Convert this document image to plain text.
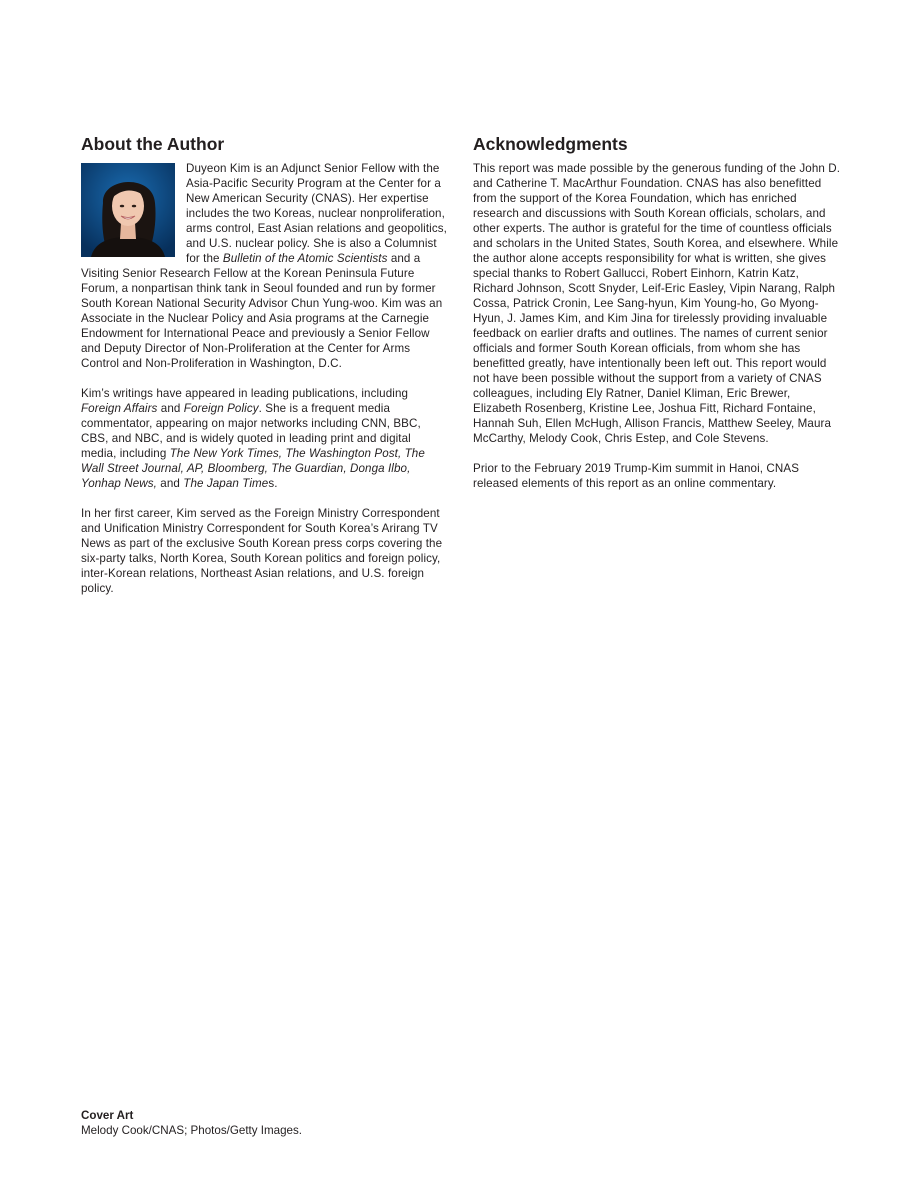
About the Author

Duyeon Kim is an Adjunct Senior Fellow with the Asia-Pacific Security Program at the Center for a New American Security (CNAS). Her expertise includes the two Koreas, nuclear nonproliferation, arms control, East Asian relations and geopolitics, and U.S. nuclear policy. She is also a Columnist for the Bulletin of the Atomic Scientists and a Visiting Senior Research Fellow at the Korean Peninsula Future Forum, a nonpartisan think tank in Seoul founded and run by former South Korean National Security Advisor Chun Yung-woo. Kim was an Associate in the Nuclear Policy and Asia programs at the Carnegie Endowment for International Peace and previously a Senior Fellow and Deputy Director of Non-Proliferation at the Center for Arms Control and Non-Proliferation in Washington, D.C.

Kim’s writings have appeared in leading publications, including Foreign Affairs and Foreign Policy. She is a frequent media commentator, appearing on major networks including CNN, BBC, CBS, and NBC, and is widely quoted in leading print and digital media, including The New York Times, The Washington Post, The Wall Street Journal, AP, Bloomberg, The Guardian, Donga Ilbo, Yonhap News, and The Japan Times.

In her first career, Kim served as the Foreign Ministry Correspondent and Unification Ministry Correspondent for South Korea’s Arirang TV News as part of the exclusive South Korean press corps covering the six-party talks, North Korea, South Korean politics and foreign policy, inter-Korean relations, Northeast Asian relations, and U.S. foreign policy.

Acknowledgments

This report was made possible by the generous funding of the John D. and Catherine T. MacArthur Foundation. CNAS has also benefitted from the support of the Korea Foundation, which has enriched research and discussions with South Korean officials, scholars, and other experts. The author is grateful for the time of countless officials and scholars in the United States, South Korea, and elsewhere. While the author alone accepts responsibility for what is written, she gives special thanks to Robert Gallucci, Robert Einhorn, Katrin Katz, Richard Johnson, Scott Snyder, Leif-Eric Easley, Vipin Narang, Ralph Cossa, Patrick Cronin, Lee Sang-hyun, Kim Young-ho, Go Myong-Hyun, J. James Kim, and Kim Jina for tirelessly providing invaluable feedback on earlier drafts and outlines. The names of current senior officials and former South Korean officials, from whom she has benefitted greatly, have intentionally been left out. This report would not have been possible without the support from a variety of CNAS colleagues, including Ely Ratner, Daniel Kliman, Eric Brewer, Elizabeth Rosenberg, Kristine Lee, Joshua Fitt, Richard Fontaine, Hannah Suh, Ellen McHugh, Allison Francis, Matthew Seeley, Maura McCarthy, Melody Cook, Chris Estep, and Cole Stevens.

Prior to the February 2019 Trump-Kim summit in Hanoi, CNAS released elements of this report as an online commentary.

Cover Art
Melody Cook/CNAS; Photos/Getty Images.
